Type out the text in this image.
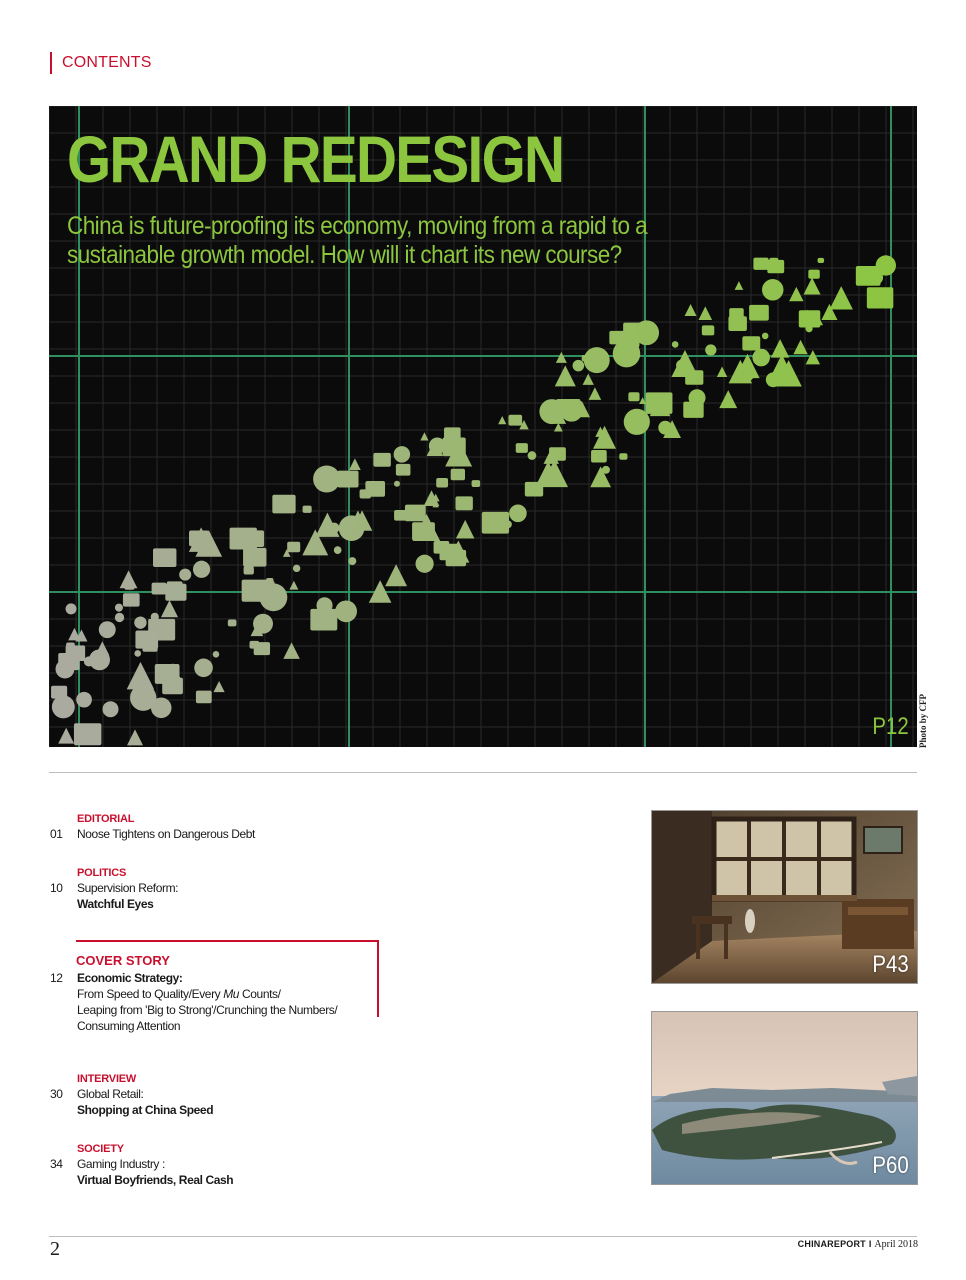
CONTENTS
GRAND REDESIGN

China is future-proofing its economy, moving from a rapid to a sustainable growth model. How will it chart its new course?

P12 Photo by CFP
EDITORIAL
01	Noose Tightens on Dangerous Debt
POLITICS
10	Supervision Reform:
Watchful Eyes
COVER STORY
12	Economic Strategy:
From Speed to Quality/Every Mu Counts/
Leaping from 'Big to Strong'/Crunching the Numbers/
Consuming Attention
INTERVIEW
30	Global Retail:
Shopping at China Speed
SOCIETY
34	Gaming Industry :
Virtual Boyfriends, Real Cash
P43
P60
2	CHINAREPORT I April 2018
